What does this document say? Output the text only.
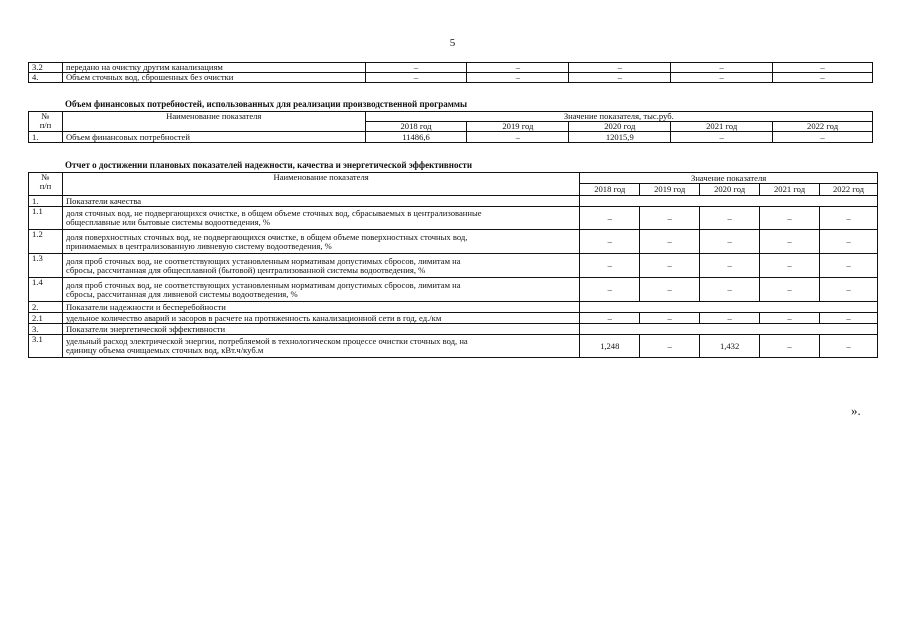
5
3.2	передано на очистку другим канализациям	–	–	–	–	–
4.	Объем сточных вод, сброшенных без очистки	–	–	–	–	–
Объем финансовых потребностей, использованных для реализации производственной программы
№
п/п	Наименование показателя	Значение показателя, тыс.руб.				
		2018 год	2019 год	2020 год	2021 год	2022 год
1.	Объем финансовых потребностей	11486,6	–	12015,9	–	–
Отчет о достижении плановых показателей надежности, качества и энергетической эффективности
№
п/п	Наименование показателя	Значение показателя				
		2018 год	2019 год	2020 год	2021 год	2022 год
1.	Показатели качества					
1.1	доля сточных вод, не подвергающихся очистке, в общем объеме сточных вод, сбрасываемых в централизованные
общесплавные или бытовые системы водоотведения, %	–	–	–	–	–
1.2	доля поверхностных сточных вод, не подвергающихся очистке, в общем объеме поверхностных сточных вод,
принимаемых в централизованную ливневую систему водоотведения, %	–	–	–	–	–
1.3	доля проб сточных вод, не соответствующих установленным нормативам допустимых сбросов, лимитам на
сбросы, рассчитанная для общесплавной (бытовой) централизованной системы водоотведения, %	–	–	–	–	–
1.4	доля проб сточных вод, не соответствующих установленным нормативам допустимых сбросов, лимитам на
сбросы, рассчитанная для ливневой системы водоотведения, %	–	–	–	–	–
2.	Показатели надежности и бесперебойности					
2.1	удельное количество аварий и засоров в расчете на протяженность канализационной сети в год, ед./км	–	–	–	–	–
3.	Показатели энергетической эффективности					
3.1	удельный расход электрической энергии, потребляемой в технологическом процессе очистки сточных вод, на
единицу объема очищаемых сточных вод, кВт.ч/куб.м	1,248	–	1,432	–	–
».
